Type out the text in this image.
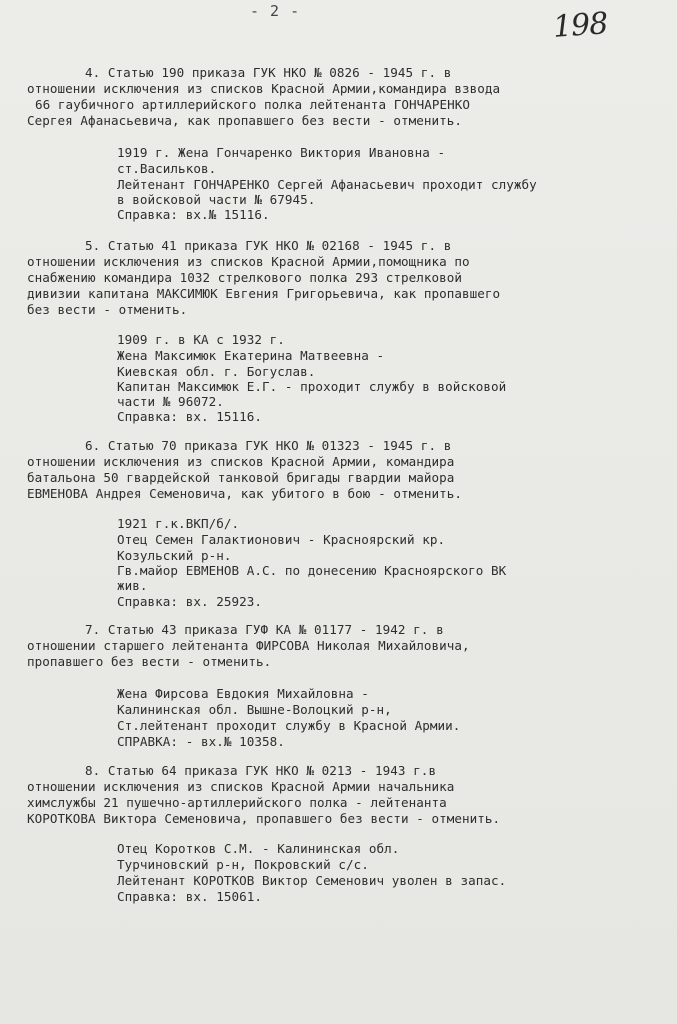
- 2 -	198
4. Статью 190 приказа ГУК НКО № 0826 - 1945 г. в
отношении исключения из списков Красной Армии,командира взвода
66 гаубичного артиллерийского полка лейтенанта ГОНЧАРЕНКО
Сергея Афанасьевича, как пропавшего без вести - отменить.
1919 г. Жена Гончаренко Виктория Ивановна -
ст.Васильков.
Лейтенант ГОНЧАРЕНКО Сергей Афанасьевич проходит службу
в войсковой части № 67945.
Справка: вх.№ 15116.
5. Статью 41 приказа ГУК НКО № 02168 - 1945 г. в
отношении исключения из списков Красной Армии,помощника по
снабжению командира 1032 стрелкового полка 293 стрелковой
дивизии капитана МАКСИМЮК Евгения Григорьевича, как пропавшего
без вести - отменить.
1909 г. в КА с 1932 г.
Жена Максимюк Екатерина Матвеевна -
Киевская обл. г. Богуслав.
Капитан Максимюк Е.Г. - проходит службу в войсковой
части № 96072.
Справка: вх. 15116.
6. Статью 70 приказа ГУК НКО № 01323 - 1945 г. в
отношении исключения из списков Красной Армии, командира
батальона 50 гвардейской танковой бригады гвардии майора
ЕВМЕНОВА Андрея Семеновича, как убитого в бою - отменить.
1921 г.к.ВКП/б/.
Отец Семен Галактионович - Красноярский кр.
Козульский р-н.
Гв.майор ЕВМЕНОВ А.С. по донесению Красноярского ВК
жив.
Справка: вх. 25923.
7. Статью 43 приказа ГУФ КА № 01177 - 1942 г. в
отношении старшего лейтенанта ФИРСОВА Николая Михайловича,
пропавшего без вести - отменить.
Жена Фирсова Евдокия Михайловна -
Калининская обл. Вышне-Волоцкий р-н,
Ст.лейтенант проходит службу в Красной Армии.
СПРАВКА: - вх.№ 10358.
8. Статью 64 приказа ГУК НКО № 0213 - 1943 г.в
отношении исключения из списков Красной Армии начальника
химслужбы 21 пушечно-артиллерийского полка - лейтенанта
КОРОТКОВА Виктора Семеновича, пропавшего без вести - отменить.
Отец Коротков С.М. - Калининская обл.
Турчиновский р-н, Покровский с/с.
Лейтенант КОРОТКОВ Виктор Семенович уволен в запас.
Справка: вх. 15061.
